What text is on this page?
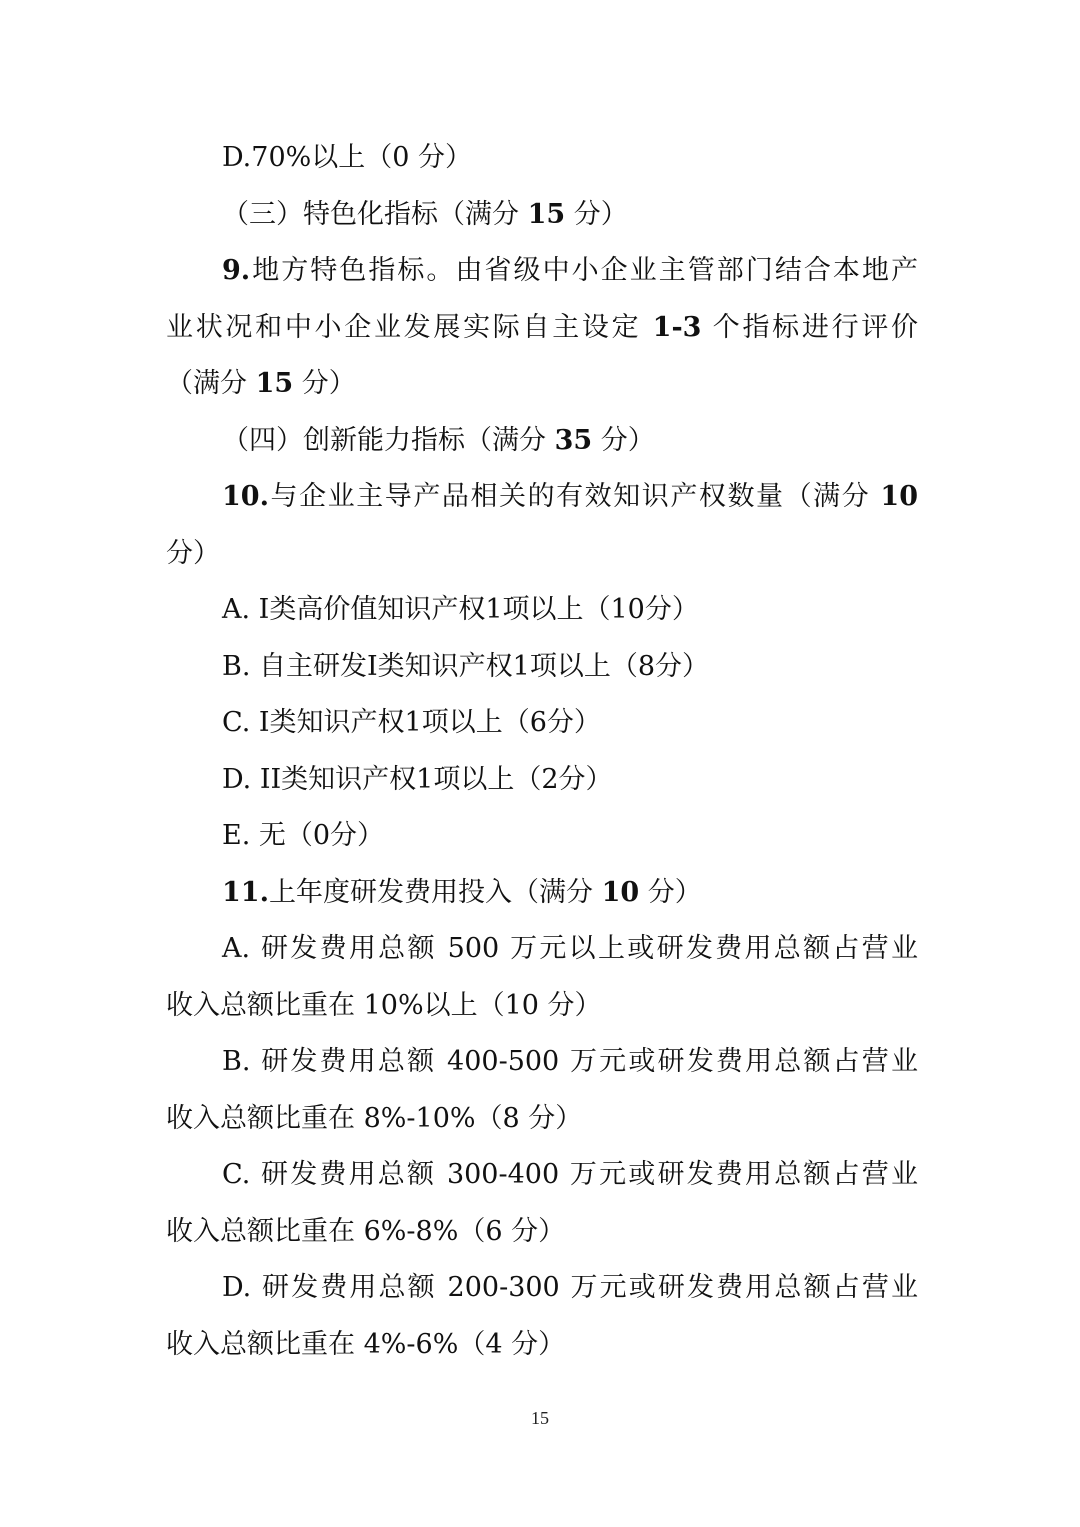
D.70%以上（0 分）
（三）特色化指标（满分 15 分）
9.地方特色指标。由省级中小企业主管部门结合本地产
业状况和中小企业发展实际自主设定 1-3 个指标进行评价
（满分 15 分）
（四）创新能力指标（满分 35 分）
10.与企业主导产品相关的有效知识产权数量（满分 10
分）
A. I类高价值知识产权1项以上（10分）
B. 自主研发I类知识产权1项以上（8分）
C. I类知识产权1项以上（6分）
D. II类知识产权1项以上（2分）
E. 无（0分）
11.上年度研发费用投入（满分 10 分）
A. 研发费用总额 500 万元以上或研发费用总额占营业
收入总额比重在 10%以上（10 分）
B. 研发费用总额 400-500 万元或研发费用总额占营业
收入总额比重在 8%-10%（8 分）
C. 研发费用总额 300-400 万元或研发费用总额占营业
收入总额比重在 6%-8%（6 分）
D. 研发费用总额 200-300 万元或研发费用总额占营业
收入总额比重在 4%-6%（4 分）
15
